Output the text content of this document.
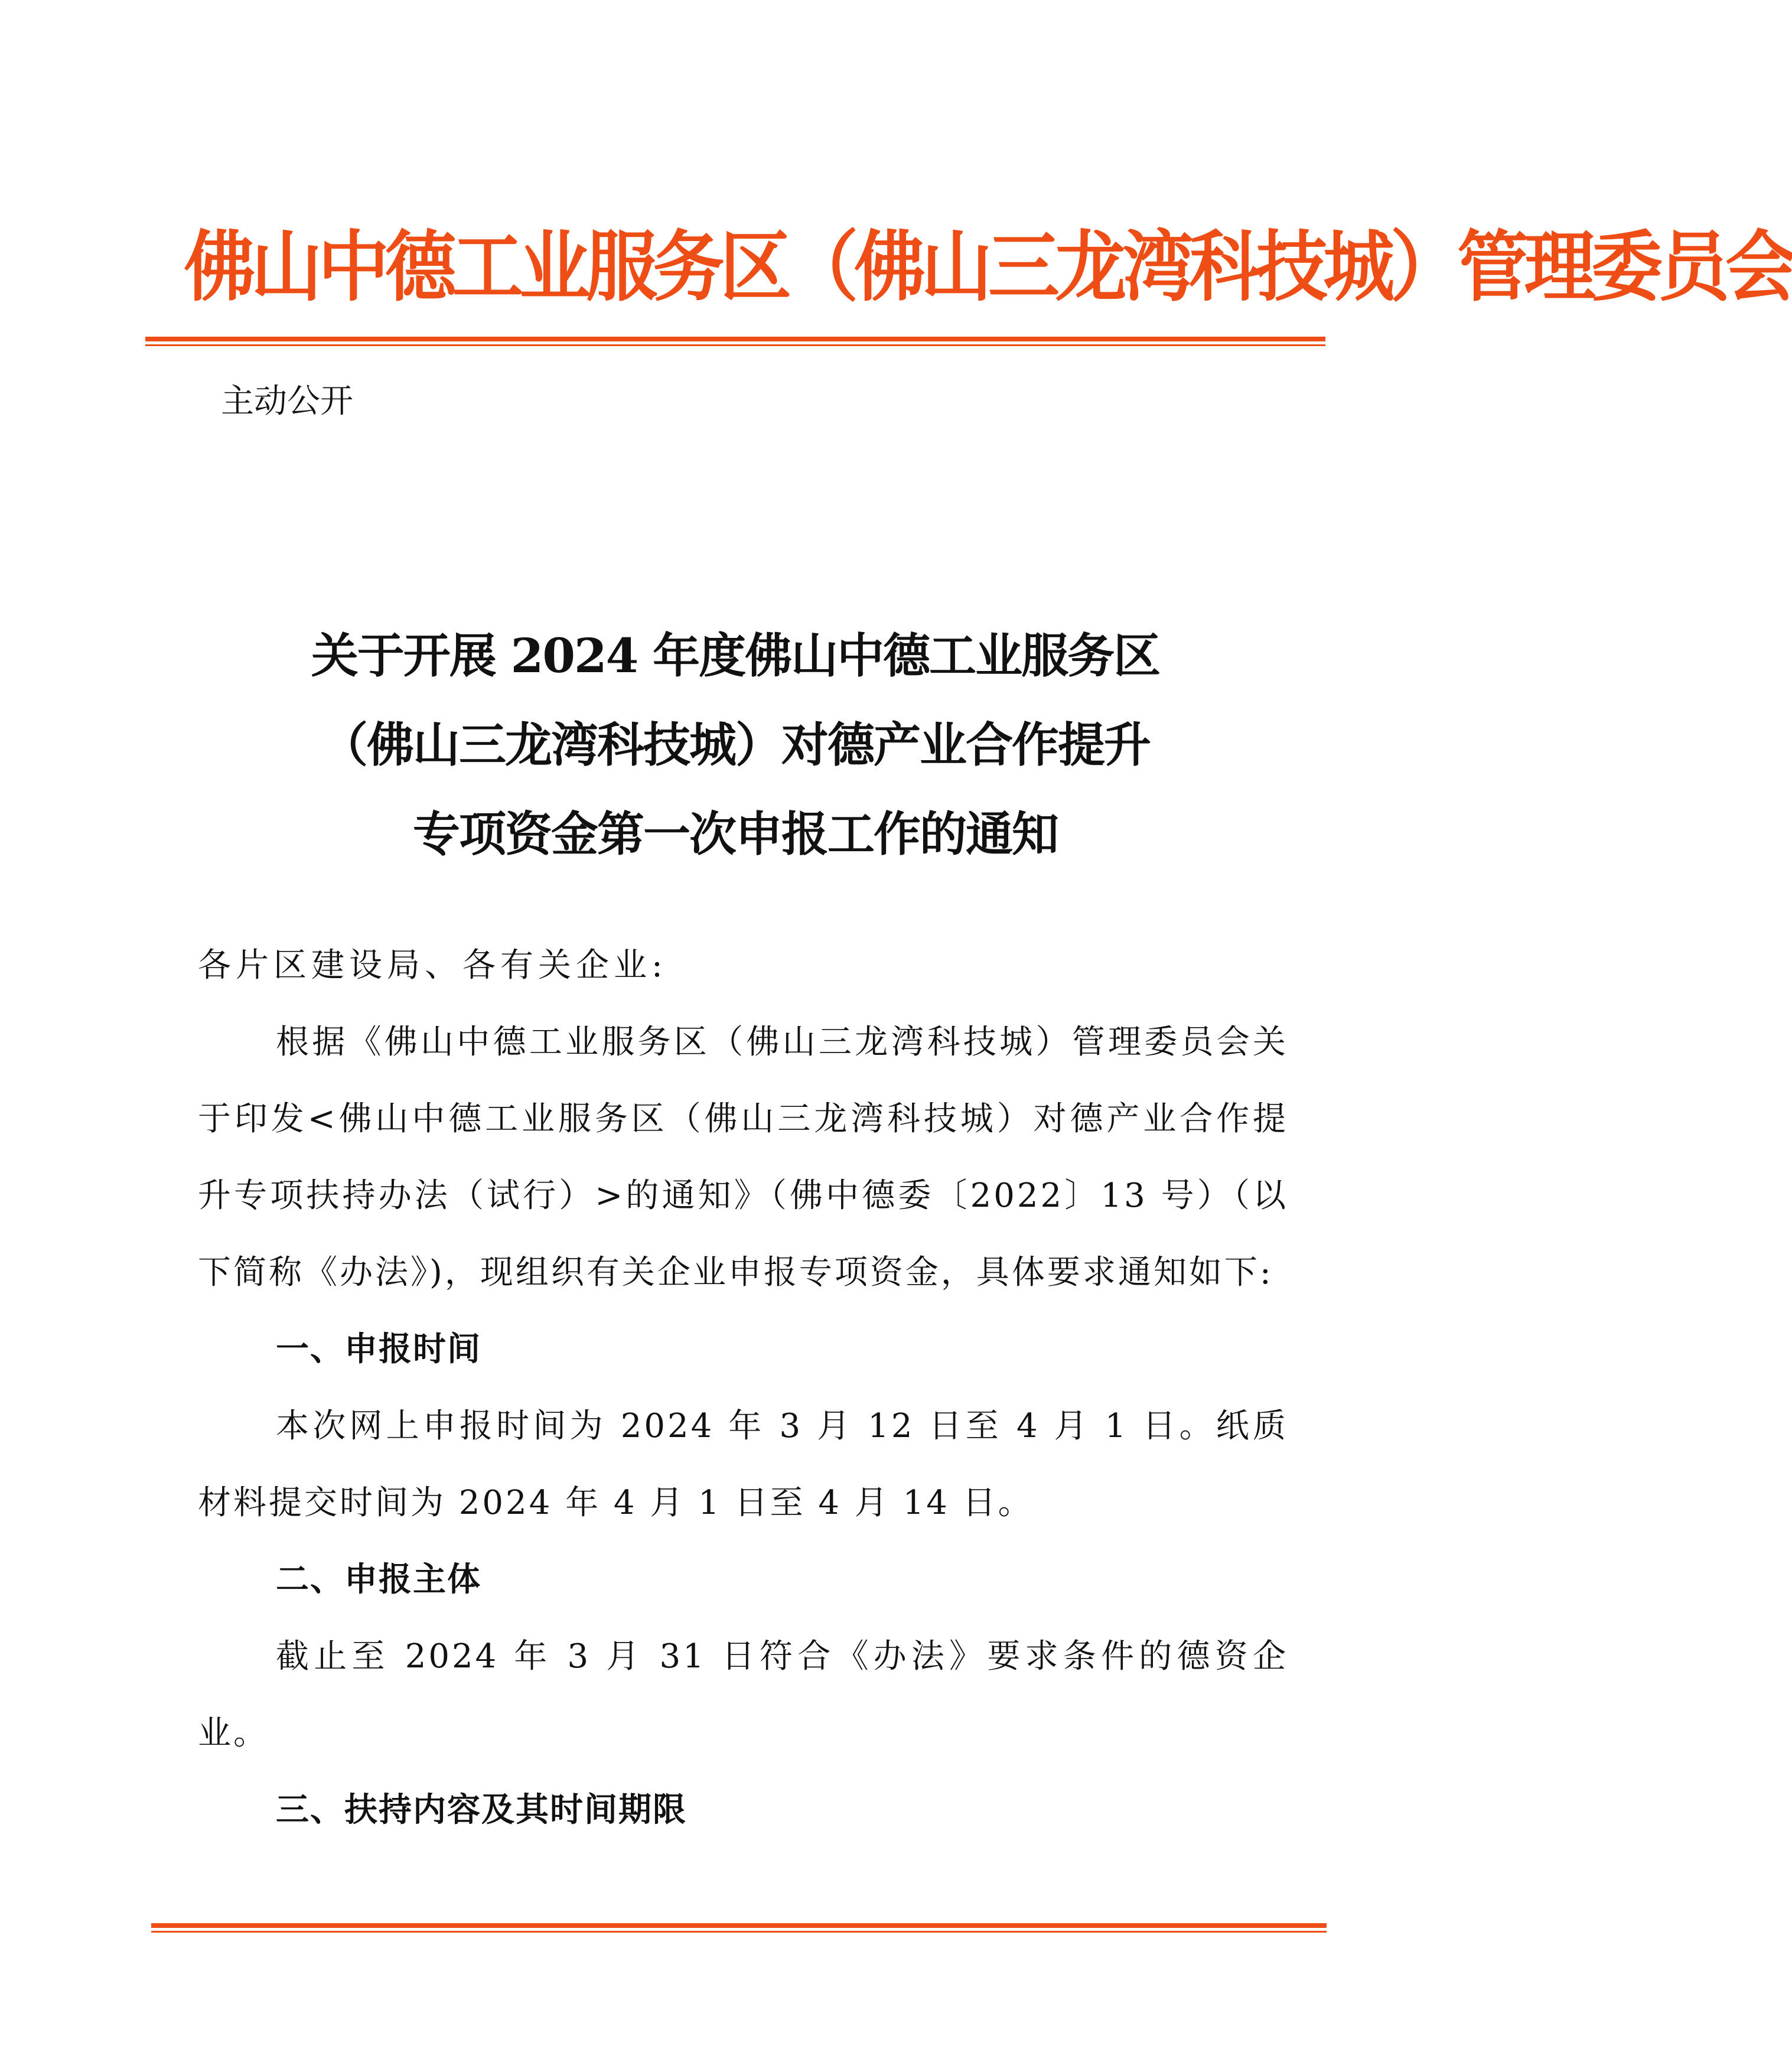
佛山中德工业服务区（佛山三龙湾科技城）管理委员会

主动公开

关于开展 2024 年度佛山中德工业服务区
（佛山三龙湾科技城）对德产业合作提升
专项资金第一次申报工作的通知

各片区建设局、各有关企业:

根据《佛山中德工业服务区（佛山三龙湾科技城）管理委员会关于印发<佛山中德工业服务区（佛山三龙湾科技城）对德产业合作提升专项扶持办法（试行）>的通知》（佛中德委〔2022〕13 号）（以下简称《办法》)，现组织有关企业申报专项资金，具体要求通知如下:

一、申报时间

本次网上申报时间为 2024 年 3 月 12 日至 4 月 1 日。纸质材料提交时间为 2024 年 4 月 1 日至 4 月 14 日。

二、申报主体

截止至 2024 年 3 月 31 日符合《办法》要求条件的德资企业。

三、扶持内容及其时间期限
